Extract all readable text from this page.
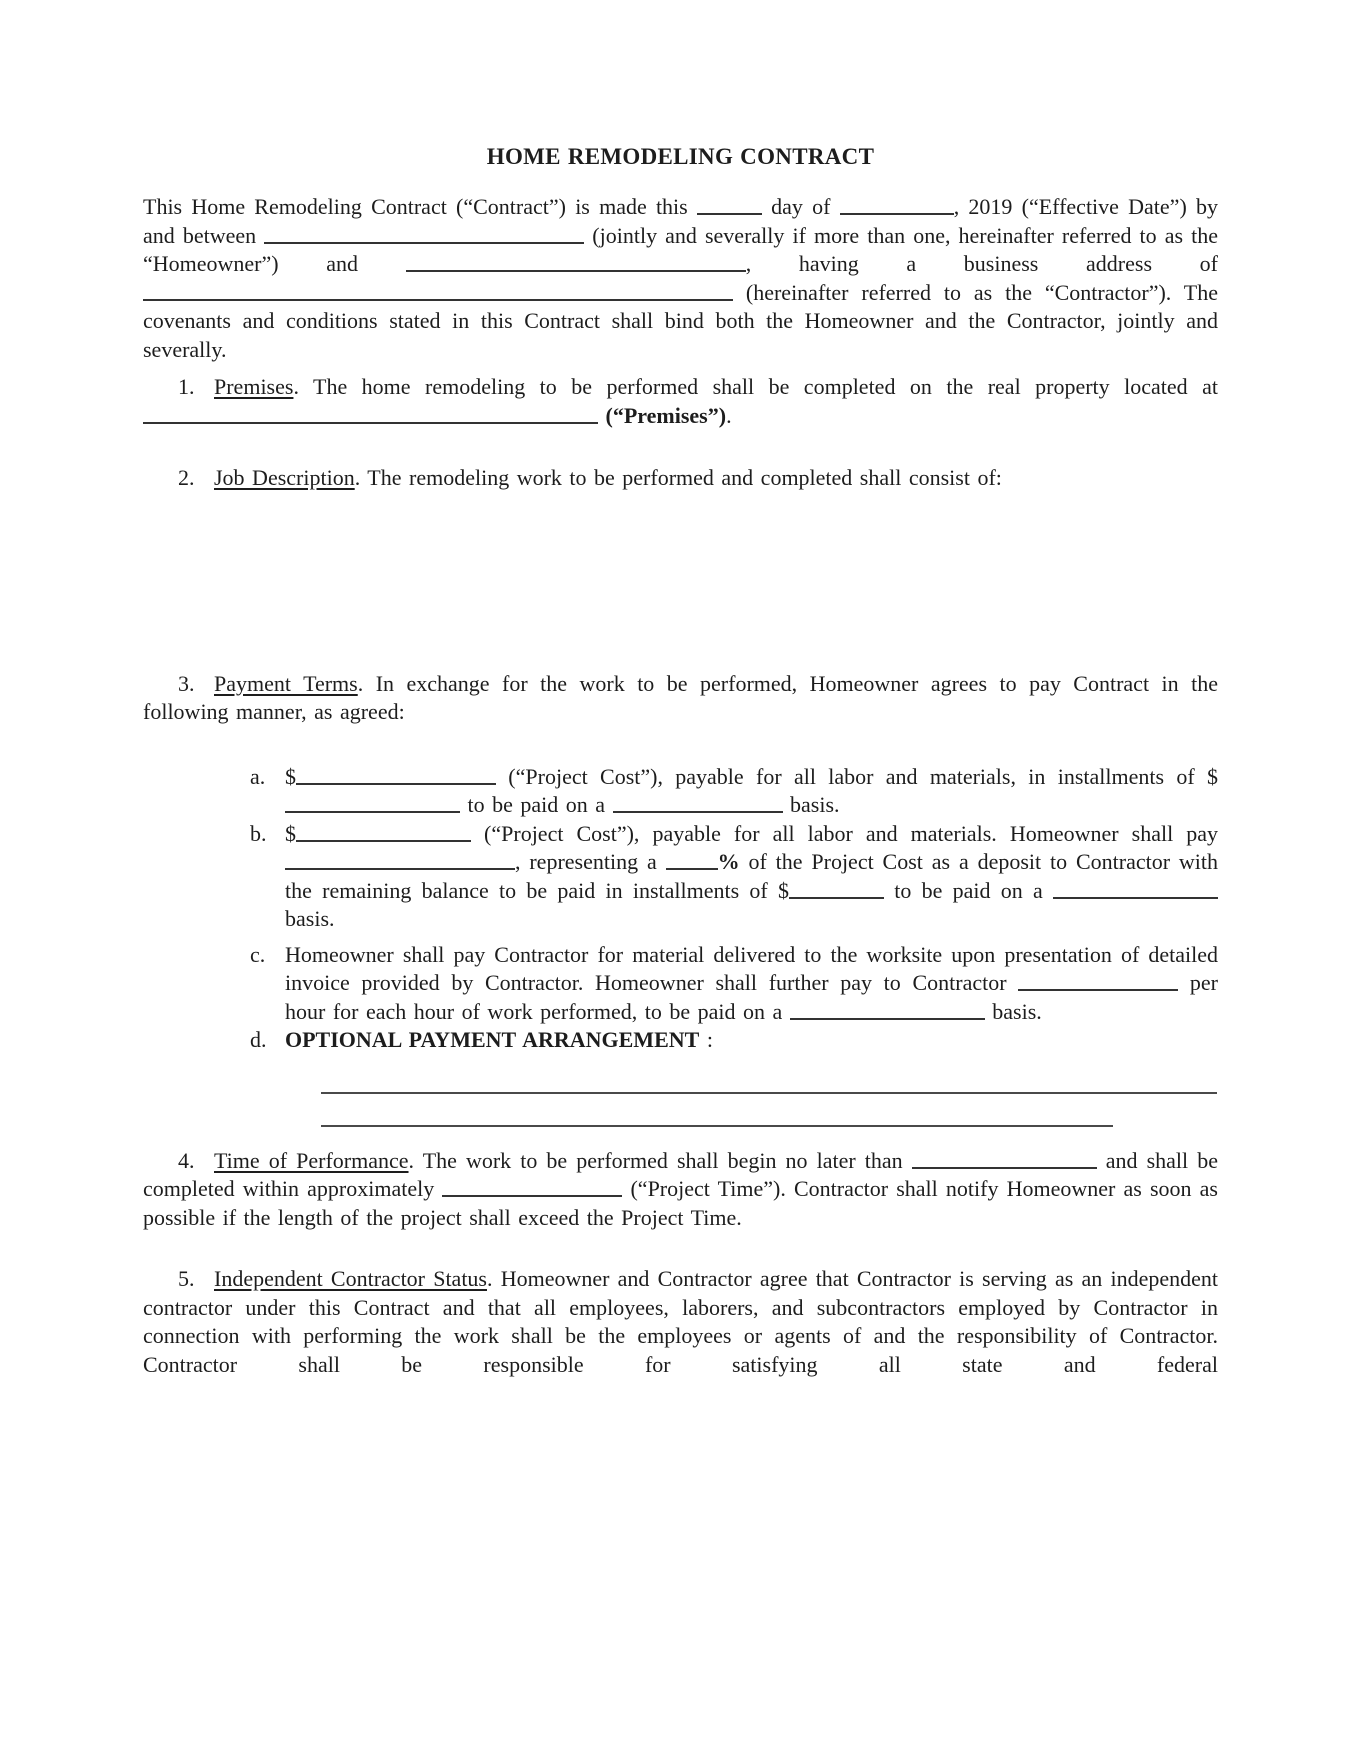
HOME REMODELING CONTRACT
This Home Remodeling Contract (“Contract”) is made this	day of	, 2019 (“Effective Date”) by and between	(jointly and severally if more than one, hereinafter referred to as the “Homeowner”) and	, having a business address of  (hereinafter referred to as the “Contractor”). The covenants and conditions stated in this Contract shall bind both the Homeowner and the Contractor, jointly and severally.
1. Premises. The home remodeling to be performed shall be completed on the real property located at  (“Premises”).
2. Job Description. The remodeling work to be performed and completed shall consist of:
3. Payment Terms. In exchange for the work to be performed, Homeowner agrees to pay Contract in the following manner, as agreed:
a. $	(“Project Cost”), payable for all labor and materials, in installments of $ to be paid on a	basis.
b. $	(“Project Cost”), payable for all labor and materials. Homeowner shall pay , representing a % of the Project Cost as a deposit to Contractor with the remaining balance to be paid in installments of $	to be paid on a  basis.
c. Homeowner shall pay Contractor for material delivered to the worksite upon presentation of detailed invoice provided by Contractor. Homeowner shall further pay to Contractor	per hour for each hour of work performed, to be paid on a	basis.
d. OPTIONAL PAYMENT ARRANGEMENT :
4. Time of Performance. The work to be performed shall begin no later than	and shall be completed within approximately	(“Project Time”). Contractor shall notify Homeowner as soon as possible if the length of the project shall exceed the Project Time.
5. Independent Contractor Status. Homeowner and Contractor agree that Contractor is serving as an independent contractor under this Contract and that all employees, laborers, and subcontractors employed by Contractor in connection with performing the work shall be the employees or agents of and the responsibility of Contractor. Contractor shall be responsible for satisfying all state and federal
